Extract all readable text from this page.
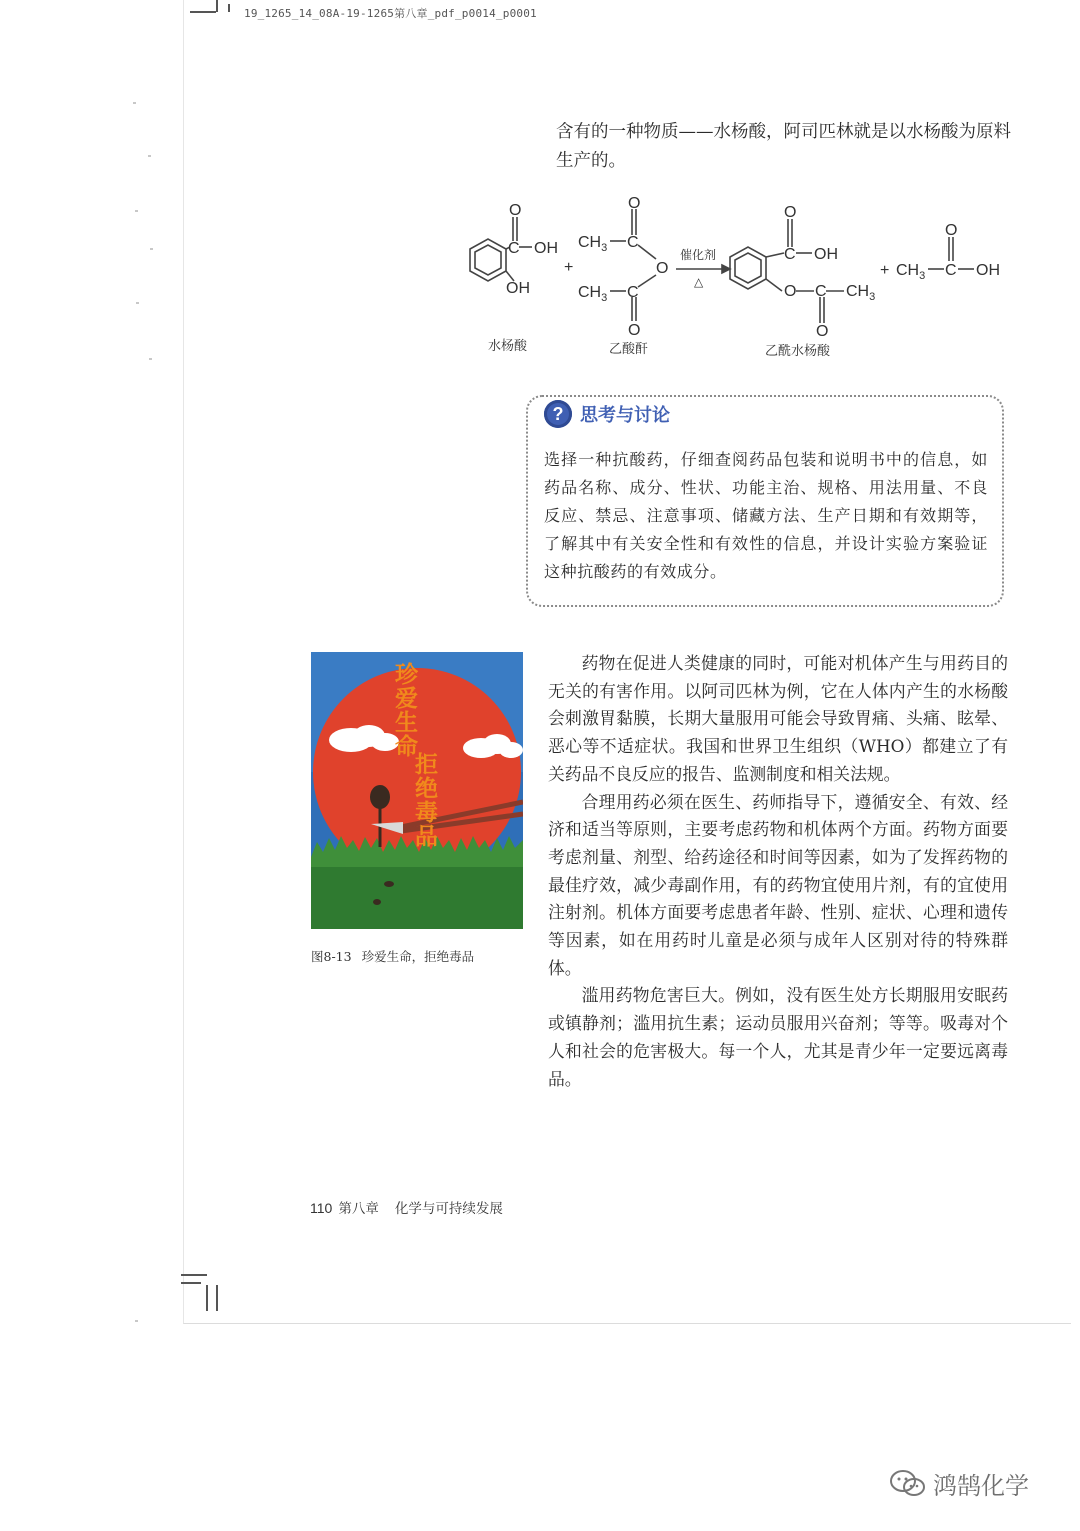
19_1265_14_08A-19-1265第八章_pdf_p0014_p0001

含有的一种物质——水杨酸，阿司匹林就是以水杨酸为原料生产的。

O
C OH
OH
+
O
$CH_3$ C
O
$CH_3$ C
O
催化剂
△
O
C OH
O C $CH_3$
O
+ $CH_3$
O
C OH
水杨酸	乙酸酐	乙酰水杨酸
? 思考与讨论

选择一种抗酸药，仔细查阅药品包装和说明书中的信息，如药品名称、成分、性状、功能主治、规格、用法用量、不良反应、禁忌、注意事项、储藏方法、生产日期和有效期等，了解其中有关安全性和有效性的信息，并设计实验方案验证这种抗酸药的有效成分。

珍爱生命
拒绝毒品
图8-13 珍爱生命，拒绝毒品

药物在促进人类健康的同时，可能对机体产生与用药目的无关的有害作用。以阿司匹林为例，它在人体内产生的水杨酸会刺激胃黏膜，长期大量服用可能会导致胃痛、头痛、眩晕、恶心等不适症状。我国和世界卫生组织（WHO）都建立了有关药品不良反应的报告、监测制度和相关法规。

合理用药必须在医生、药师指导下，遵循安全、有效、经济和适当等原则，主要考虑药物和机体两个方面。药物方面要考虑剂量、剂型、给药途径和时间等因素，如为了发挥药物的最佳疗效，减少毒副作用，有的药物宜使用片剂，有的宜使用注射剂。机体方面要考虑患者年龄、性别、症状、心理和遗传等因素，如在用药时儿童是必须与成年人区别对待的特殊群体。

滥用药物危害巨大。例如，没有医生处方长期服用安眠药或镇静剂；滥用抗生素；运动员服用兴奋剂；等等。吸毒对个人和社会的危害极大。每一个人，尤其是青少年一定要远离毒品。

110 第八章 化学与可持续发展
鸿鹄化学
